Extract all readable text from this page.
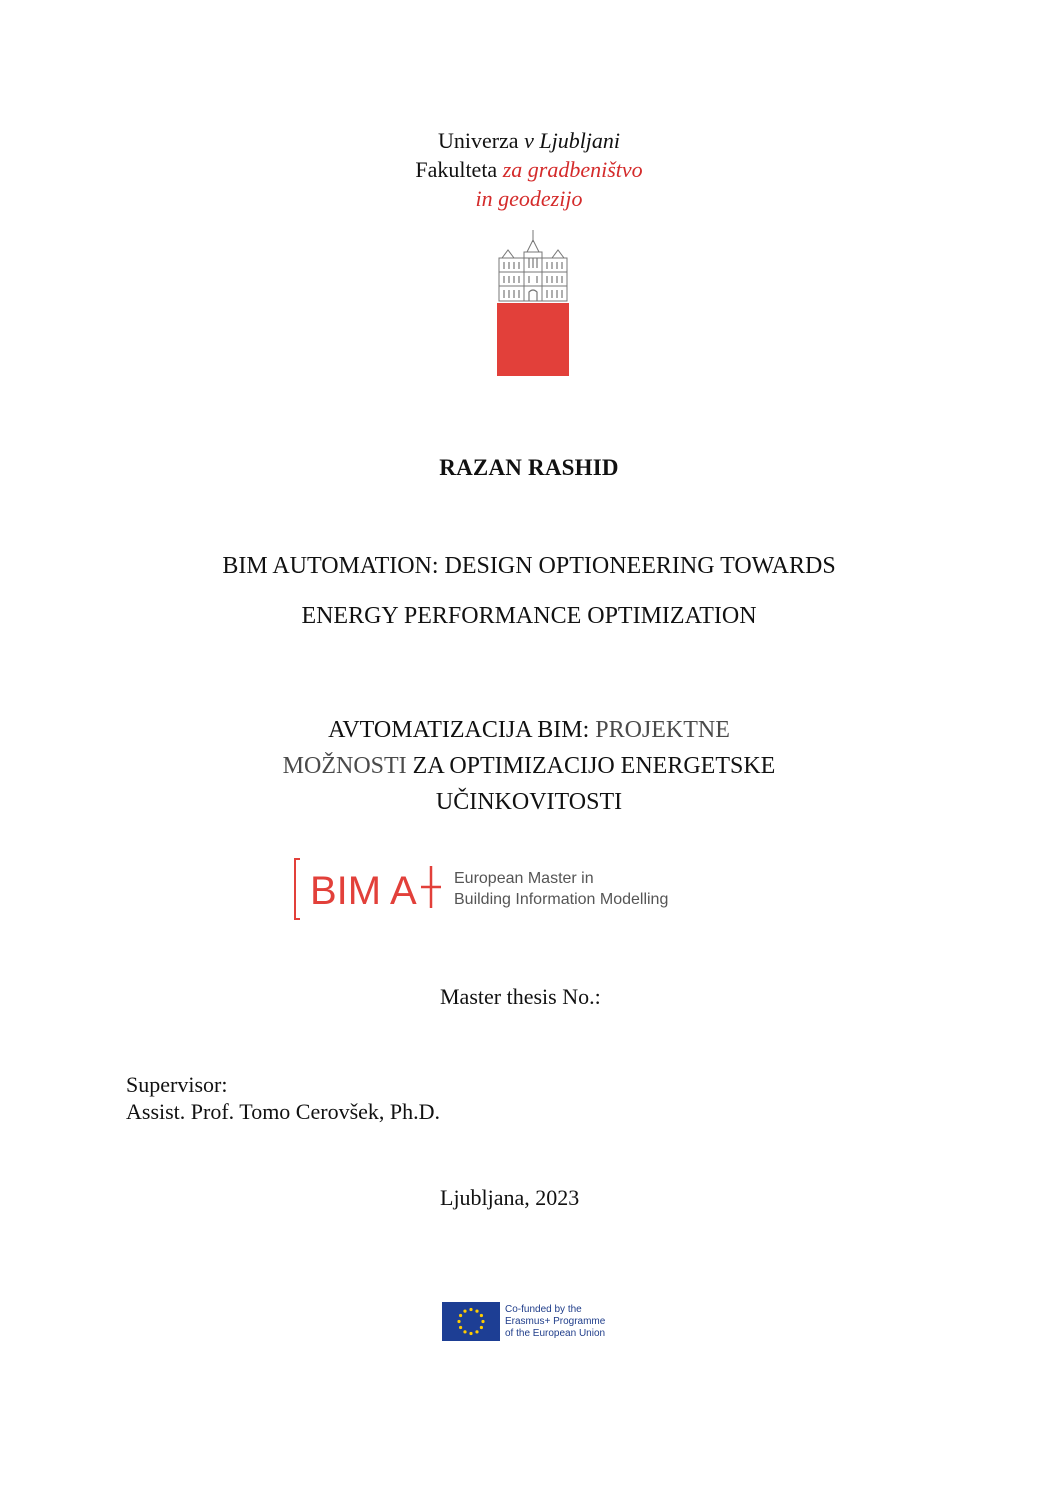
Univerza v Ljubljani
Fakulteta za gradbeništvo
in geodezijo
RAZAN RASHID
BIM AUTOMATION: DESIGN OPTIONEERING TOWARDS
ENERGY PERFORMANCE OPTIMIZATION
AVTOMATIZACIJA BIM: PROJEKTNE
MOŽNOSTI ZA OPTIMIZACIJO ENERGETSKE
UČINKOVITOSTI
BIM A European Master in
Building Information Modelling
Master thesis No.:
Supervisor:
Assist. Prof. Tomo Cerovšek, Ph.D.
Ljubljana, 2023
Co-funded by the
Erasmus+ Programme
of the European Union
